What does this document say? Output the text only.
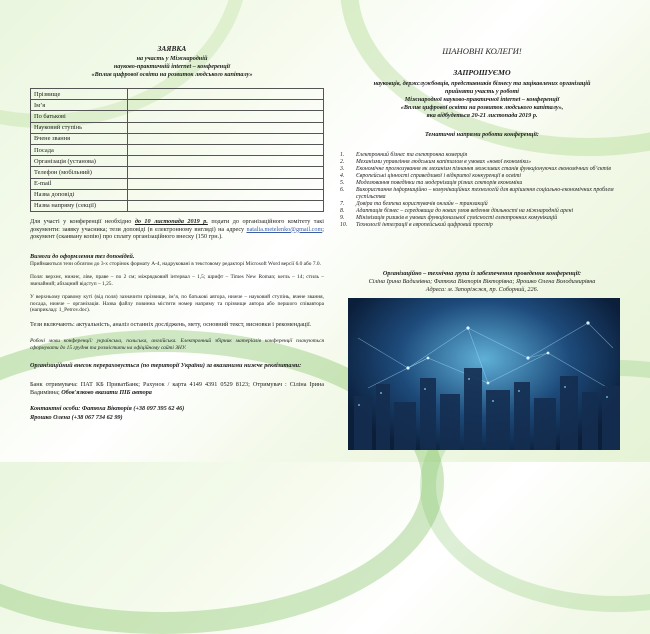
ЗАЯВКА
на участь у Міжнародній
науково-практичній internet – конференції
«Вплив цифрової освіти на розвиток людського капіталу»
Прізвище	
Ім’я	
По батькові	
Науковий ступінь	
Вчене звання	
Посада	
Організація (установа)	
Телефон (мобільний)	
E-mail	
Назва доповіді	
Назва напряму (секції)	
Для участі у конференції необхідно до 10 листопада 2019 р. подати до організаційного комітету такі документи: заявку учасника; тези доповіді (в електронному вигляді) на адресу natalia.metelenko@gmail.com; документ (сканвану копію) про сплату організаційного внеску (150 грн.).
Вимоги до оформлення тез доповідей.
Приймаються тези обсягом до 3-х сторінок формату А-4, надруковані в текстовому редакторі Microsoft Word версії 6.0 або 7.0.
Поля: верхнє, нижнє, ліве, праве – по 2 см; міжрядковий інтервал – 1,5; шрифт – Times New Roman; кегль – 14; стиль – звичайний; абзацний відступ – 1,25.
У верхньому правому куті (від поля) зазначити прізвище, ім’я, по батькові автора, нижче – науковий ступінь, вчене звання, посада, нижче – організація. Назва файлу повинна містити номер напряму та прізвище автора або першого співавтора (наприклад: 1_Petrov.doc).
Тези включають: актуальність, аналіз останніх досліджень, мету, основний текст, висновки і рекомендації.
Робочі мови конференції: українська, польська, англійська. Електронний збірник матеріалів конференції плануються сформувати до 15 грудня та розмістити на офіційному сайті ЗНУ.
Організаційний внесок перераховується (по території України) за вказаними нижче реквізитами:
Банк отримувача: ПАТ КБ ПриватБанк; Рахунок / карта 4149 4391 0529 8123; Отримувач : Сіліна Ірина Вадимівна; Обов'язково вказати ПІБ автора
Контактні особи: Фатюха Вікторія (+38 097 395 62 46)
Ярошко Олена (+38 067 734 62 99)
ШАНОВНІ КОЛЕГИ!
ЗАПРОШУЄМО
науковців, держслужбовців, представників бізнесу та зацікавлених організацій
прийняти участь у роботі
Міжнародної науково-практичної internet – конференції
«Вплив цифрової освіти на розвиток людського капіталу»,
яка відбудеться 20-21 листопада 2019 р.
Тематичні напрями роботи конференції:
1.	Електронний бізнес та електронна комерція
2.	Механізми управління людським капіталом в умовах «нової економіки»
3.	Економічне прогнозування як механізм пізнання можливих станів функціонуючих економічних об’єктів
4.	Європейські цінності справедливої і відкритої конкуренції в освіті
5.	Моделювання поведінки та модернізація різних секторів економіки
6.	Використання інформаційно – комунікаційних технологій для вирішення соціально-економічних проблем суспільства
7.	Довіра та безпека користувачів онлайн – транзакцій
8.	Адаптація бізнес – середовища до нових умов ведення діяльності на міжнародній арені
9.	Мінімізація ризиків в умовах функціональної сумісності електронних комунікацій
10.	Технології інтеграції в європейський цифровий простір
Організаційно – технічна група із забезпечення проведення конференції:
Сіліна Ірина Вадимівна; Фатюха Вікторія Вікторівна; Ярошко Олена Володимирівна
Адреса: м. Запоріжжя, пр. Соборний, 226.
